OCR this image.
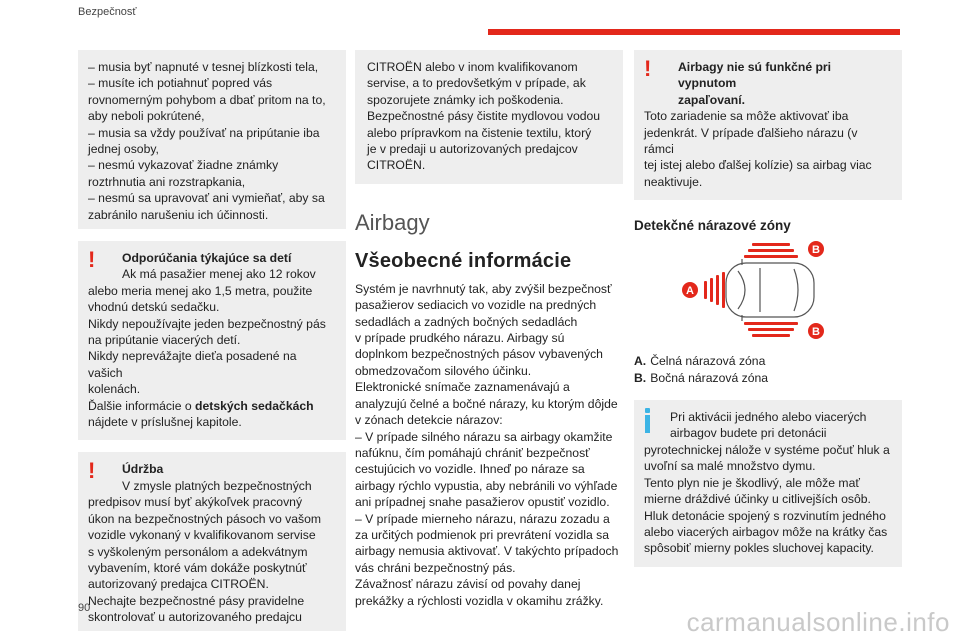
Bezpečnosť

– musia byť napnuté v tesnej blízkosti tela,

– musíte ich potiahnuť popred vás

rovnomerným pohybom a dbať pritom na to,

aby neboli pokrútené,

– musia sa vždy používať na pripútanie iba

jednej osoby,

– nesmú vykazovať žiadne známky

roztrhnutia ani rozstrapkania,

– nesmú sa upravovať ani vymieňať, aby sa

zabránilo narušeniu ich účinnosti.

! Odporúčania týkajúce sa detí

Ak má pasažier menej ako 12 rokov

alebo meria menej ako 1,5 metra, použite

vhodnú detskú sedačku.

Nikdy nepoužívajte jeden bezpečnostný pás

na pripútanie viacerých detí.

Nikdy neprevážajte dieťa posadené na vašich

kolenách.

Ďalšie informácie o detských sedačkách

nájdete v príslušnej kapitole.

! Údržba

V zmysle platných bezpečnostných

predpisov musí byť akýkoľvek pracovný

úkon na bezpečnostných pásoch vo vašom

vozidle vykonaný v kvalifikovanom servise

s vyškoleným personálom a adekvátnym

vybavením, ktoré vám dokáže poskytnúť

autorizovaný predajca CITROËN.

Nechajte bezpečnostné pásy pravidelne

skontrolovať u autorizovaného predajcu

CITROËN alebo v inom kvalifikovanom

servise, a to predovšetkým v prípade, ak

spozorujete známky ich poškodenia.

Bezpečnostné pásy čistite mydlovou vodou

alebo prípravkom na čistenie textilu, ktorý

je v predaji u autorizovaných predajcov

CITROËN.

Airbagy
Všeobecné informácie

Systém je navrhnutý tak, aby zvýšil bezpečnosť

pasažierov sediacich vo vozidle na predných

sedadlách a zadných bočných sedadlách

v prípade prudkého nárazu. Airbagy sú

doplnkom bezpečnostných pásov vybavených

obmedzovačom silového účinku.

Elektronické snímače zaznamenávajú a

analyzujú čelné a bočné nárazy, ku ktorým dôjde

v zónach detekcie nárazov:

– V prípade silného nárazu sa airbagy okamžite

nafúknu, čím pomáhajú chrániť bezpečnosť

cestujúcich vo vozidle. Ihneď po náraze sa

airbagy rýchlo vypustia, aby nebránili vo výhľade

ani prípadnej snahe pasažierov opustiť vozidlo.

– V prípade mierneho nárazu, nárazu zozadu a

za určitých podmienok pri prevrátení vozidla sa

airbagy nemusia aktivovať. V takýchto prípadoch

vás chráni bezpečnostný pás.

Závažnosť nárazu závisí od povahy danej

prekážky a rýchlosti vozidla v okamihu zrážky.

! Airbagy nie sú funkčné pri vypnutom

zapaľovaní.

Toto zariadenie sa môže aktivovať iba

jedenkrát. V prípade ďalšieho nárazu (v rámci

tej istej alebo ďalšej kolízie) sa airbag viac

neaktivuje.

Detekčné nárazové zóny
A
B
B

A. Čelná nárazová zóna

B. Bočná nárazová zóna

Pri aktivácii jedného alebo viacerých

airbagov budete pri detonácii

pyrotechnickej nálože v systéme počuť hluk a

uvoľní sa malé množstvo dymu.

Tento plyn nie je škodlivý, ale môže mať

mierne dráždivé účinky u citlivejších osôb.

Hluk detonácie spojený s rozvinutím jedného

alebo viacerých airbagov môže na krátky čas

spôsobiť mierny pokles sluchovej kapacity.

90	carmanualsonline.info
